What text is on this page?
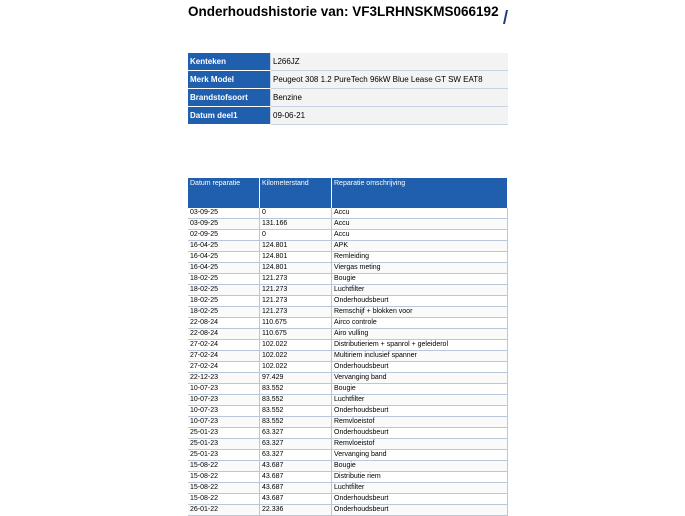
Onderhoudshistorie van: VF3LRHNSKMS066192
Kenteken	L266JZ
Merk Model	Peugeot 308 1.2 PureTech 96kW Blue Lease GT SW EAT8
Brandstofsoort	Benzine
Datum deel1	09-06-21
Datum reparatie	Kilometerstand	Reparatie omschrijving
03-09-25	0	Accu
03-09-25	131.166	Accu
02-09-25	0	Accu
16-04-25	124.801	APK
16-04-25	124.801	Remleiding
16-04-25	124.801	Viergas meting
18-02-25	121.273	Bougie
18-02-25	121.273	Luchtfilter
18-02-25	121.273	Onderhoudsbeurt
18-02-25	121.273	Remschijf + blokken voor
22-08-24	110.675	Airco controle
22-08-24	110.675	Airo vulling
27-02-24	102.022	Distributieriem + spanrol + geleiderol
27-02-24	102.022	Multiriem inclusief spanner
27-02-24	102.022	Onderhoudsbeurt
22-12-23	97.429	Vervanging band
10-07-23	83.552	Bougie
10-07-23	83.552	Luchtfilter
10-07-23	83.552	Onderhoudsbeurt
10-07-23	83.552	Remvloeistof
25-01-23	63.327	Onderhoudsbeurt
25-01-23	63.327	Remvloeistof
25-01-23	63.327	Vervanging band
15-08-22	43.687	Bougie
15-08-22	43.687	Distributie riem
15-08-22	43.687	Luchtfilter
15-08-22	43.687	Onderhoudsbeurt
26-01-22	22.336	Onderhoudsbeurt
